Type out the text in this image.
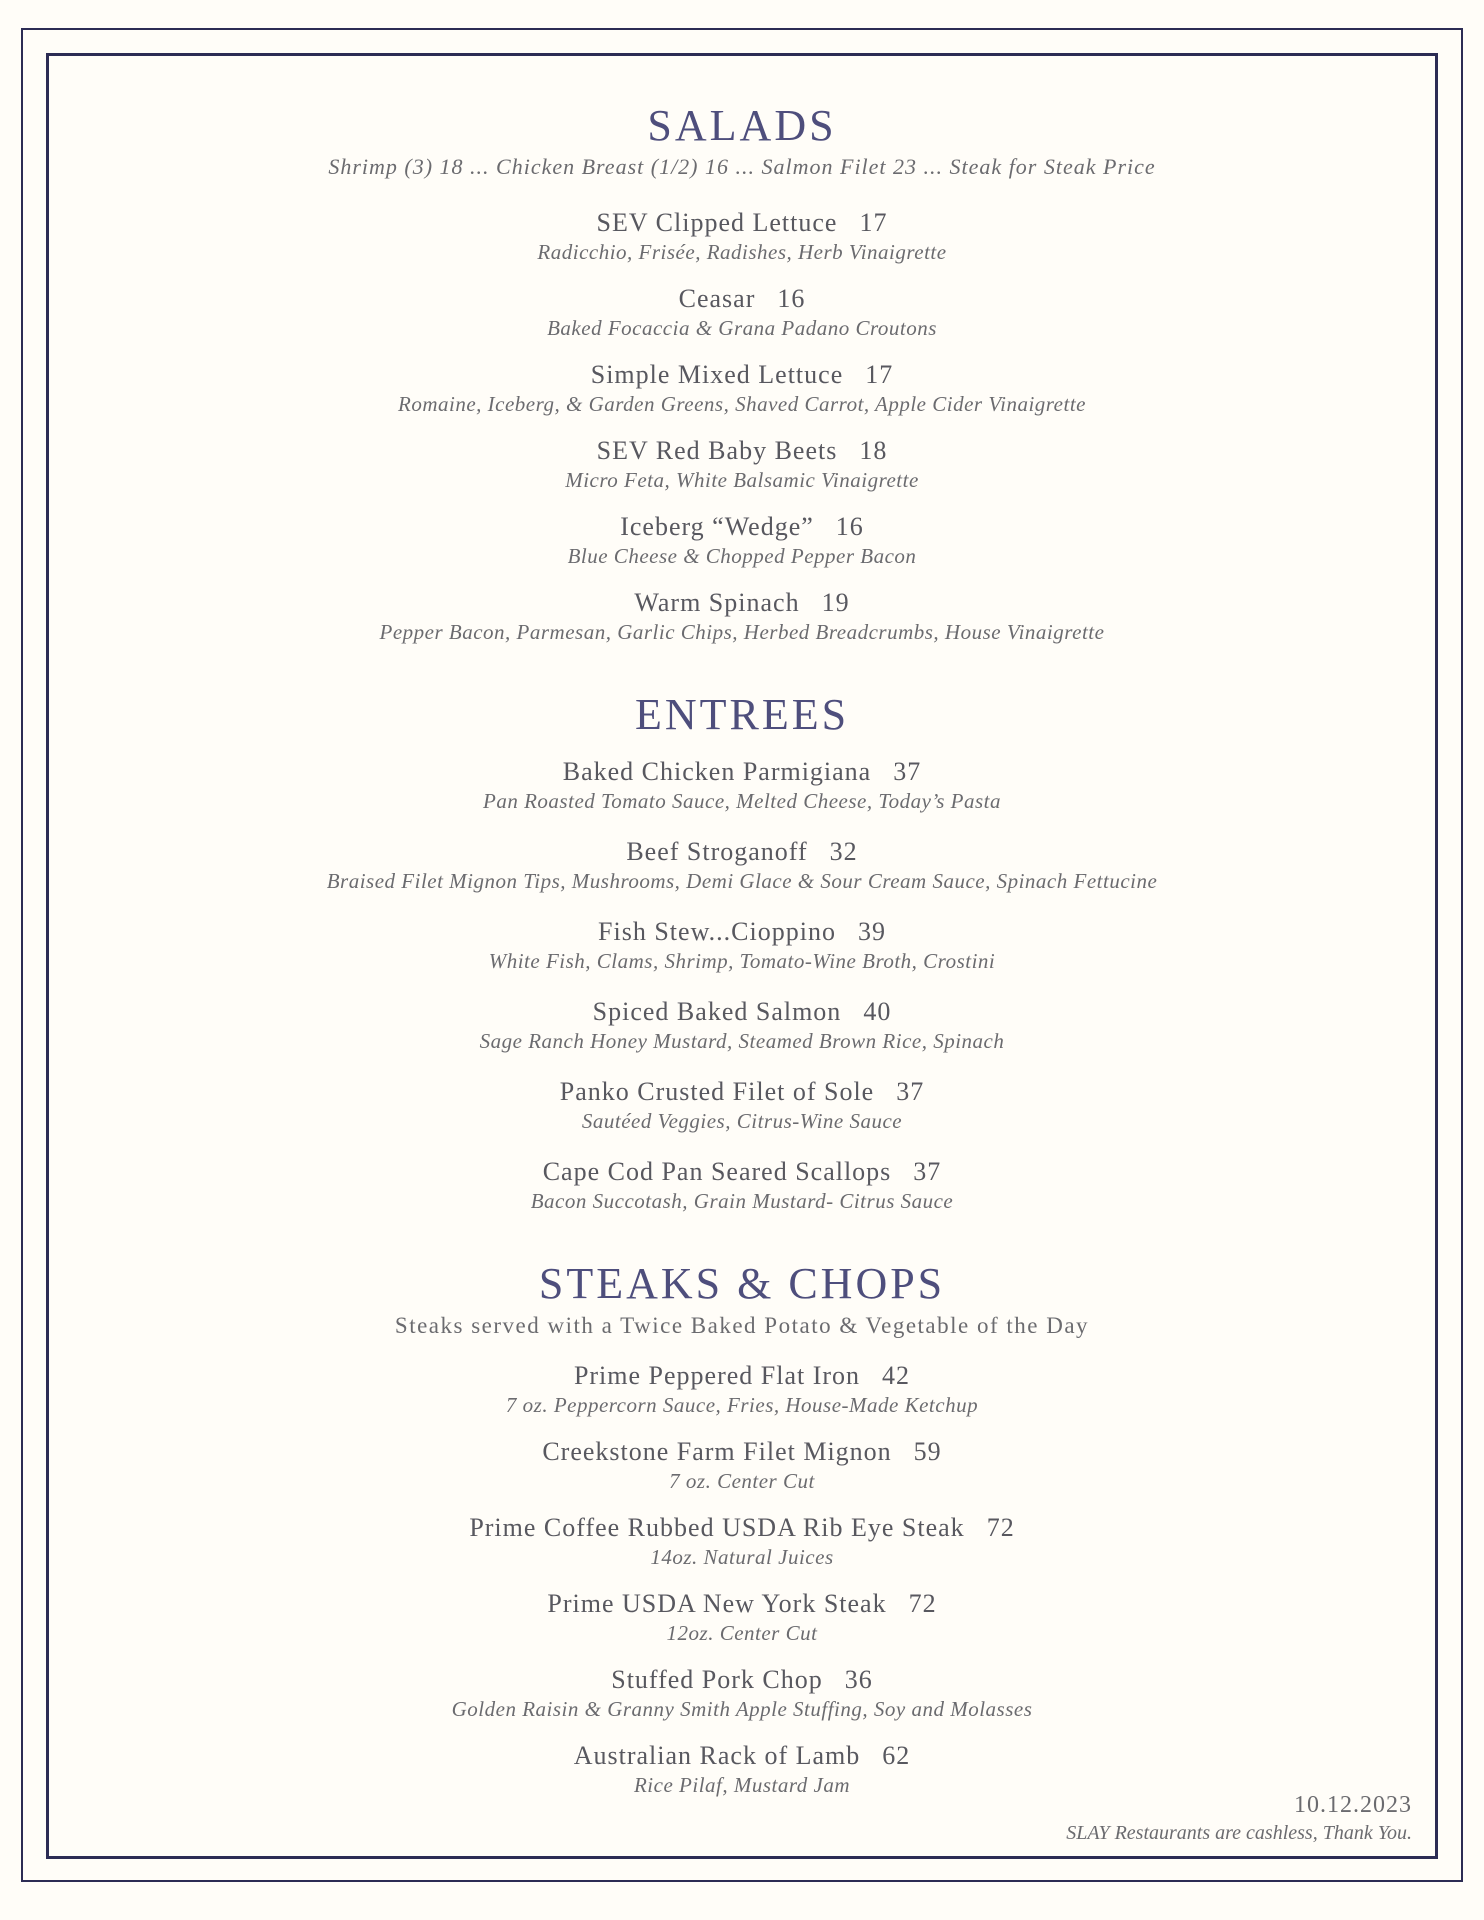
SALADS

Shrimp (3) 18 ... Chicken Breast (1/2) 16 ... Salmon Filet 23 ... Steak for Steak Price

SEV Clipped Lettuce 17
Radicchio, Frisée, Radishes, Herb Vinaigrette
Ceasar 16
Baked Focaccia & Grana Padano Croutons
Simple Mixed Lettuce 17
Romaine, Iceberg, & Garden Greens, Shaved Carrot, Apple Cider Vinaigrette
SEV Red Baby Beets 18
Micro Feta, White Balsamic Vinaigrette
Iceberg “Wedge” 16
Blue Cheese & Chopped Pepper Bacon
Warm Spinach 19
Pepper Bacon, Parmesan, Garlic Chips, Herbed Breadcrumbs, House Vinaigrette
ENTREES
Baked Chicken Parmigiana 37
Pan Roasted Tomato Sauce, Melted Cheese, Today’s Pasta
Beef Stroganoff 32
Braised Filet Mignon Tips, Mushrooms, Demi Glace & Sour Cream Sauce, Spinach Fettucine
Fish Stew...Cioppino 39
White Fish, Clams, Shrimp, Tomato-Wine Broth, Crostini
Spiced Baked Salmon 40
Sage Ranch Honey Mustard, Steamed Brown Rice, Spinach
Panko Crusted Filet of Sole 37
Sautéed Veggies, Citrus-Wine Sauce
Cape Cod Pan Seared Scallops 37
Bacon Succotash, Grain Mustard- Citrus Sauce
STEAKS & CHOPS

Steaks served with a Twice Baked Potato & Vegetable of the Day

Prime Peppered Flat Iron 42
7 oz. Peppercorn Sauce, Fries, House-Made Ketchup
Creekstone Farm Filet Mignon 59
7 oz. Center Cut
Prime Coffee Rubbed USDA Rib Eye Steak 72
14oz. Natural Juices
Prime USDA New York Steak 72
12oz. Center Cut
Stuffed Pork Chop 36
Golden Raisin & Granny Smith Apple Stuffing, Soy and Molasses
Australian Rack of Lamb 62
Rice Pilaf, Mustard Jam
10.12.2023
SLAY Restaurants are cashless, Thank You.
